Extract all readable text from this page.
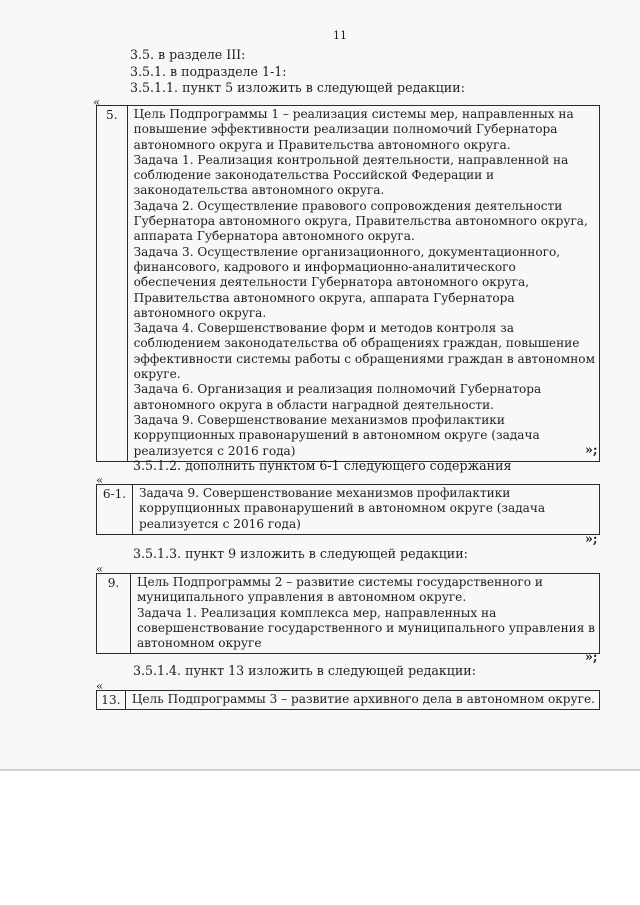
11
3.5. в разделе III:
3.5.1. в подразделе 1-1:
3.5.1.1. пункт 5 изложить в следующей редакции:
«
5.	Цель Подпрограммы 1 – реализация системы мер, направленных на
повышение эффективности реализации полномочий Губернатора
автономного округа и Правительства автономного округа.
Задача 1. Реализация контрольной деятельности, направленной на
соблюдение законодательства Российской Федерации и
законодательства автономного округа.
Задача 2. Осуществление правового сопровождения деятельности
Губернатора автономного округа, Правительства автономного округа,
аппарата Губернатора автономного округа.
Задача 3. Осуществление организационного, документационного,
финансового, кадрового и информационно-аналитического
обеспечения деятельности Губернатора автономного округа,
Правительства автономного округа, аппарата Губернатора
автономного округа.
Задача 4. Совершенствование форм и методов контроля за
соблюдением законодательства об обращениях граждан, повышение
эффективности системы работы с обращениями граждан в автономном
округе.
Задача 6. Организация и реализация полномочий Губернатора
автономного округа в области наградной деятельности.
Задача 9. Совершенствование механизмов профилактики
коррупционных правонарушений в автономном округе (задача
реализуется с 2016 года)	»;
3.5.1.2. дополнить пунктом 6-1 следующего содержания
«
6-1.	Задача 9. Совершенствование механизмов профилактики
коррупционных правонарушений в автономном округе (задача
реализуется с 2016 года)
»;
3.5.1.3. пункт 9 изложить в следующей редакции:
«
9.	Цель Подпрограммы 2 – развитие системы государственного и
муниципального управления в автономном округе.
Задача 1. Реализация комплекса мер, направленных на
совершенствование государственного и муниципального управления в
автономном округе
»;
3.5.1.4. пункт 13 изложить в следующей редакции:
«
13.	Цель Подпрограммы 3 – развитие архивного дела в автономном округе.
